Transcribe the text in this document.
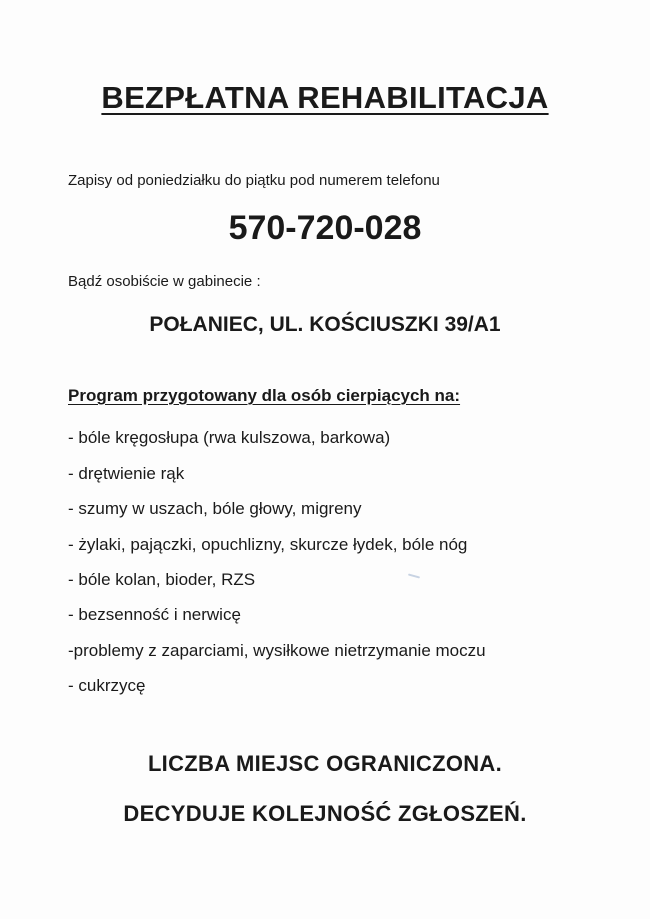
BEZPŁATNA REHABILITACJA
Zapisy od poniedziałku do piątku pod numerem telefonu
570-720-028
Bądź osobiście w gabinecie :
POŁANIEC, UL. KOŚCIUSZKI 39/A1
Program przygotowany dla osób cierpiących na:
- bóle kręgosłupa (rwa kulszowa, barkowa)
- drętwienie rąk
- szumy w uszach, bóle głowy, migreny
- żylaki, pajączki, opuchlizny, skurcze łydek, bóle nóg
- bóle kolan, bioder, RZS
- bezsenność i nerwicę
-problemy z zaparciami, wysiłkowe nietrzymanie moczu
- cukrzycę
LICZBA MIEJSC OGRANICZONA.
DECYDUJE KOLEJNOŚĆ ZGŁOSZEŃ.
